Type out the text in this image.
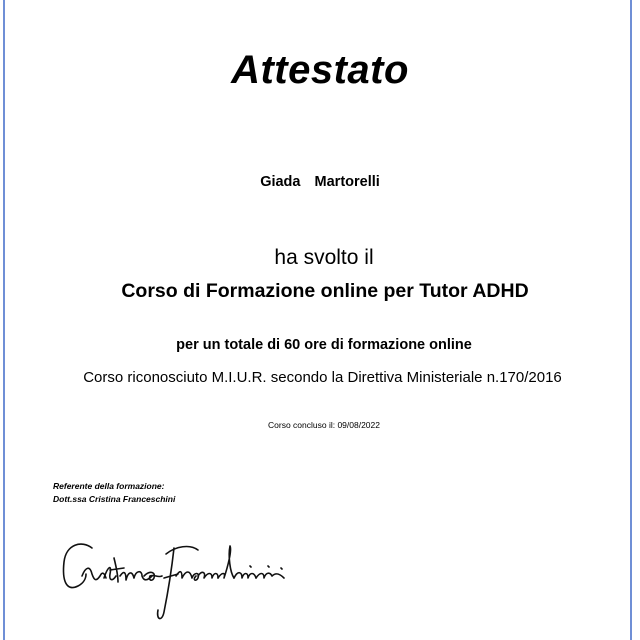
Attestato
Giada  Martorelli
ha svolto il
Corso di Formazione online per Tutor ADHD
per un totale di 60 ore di formazione online
Corso riconosciuto M.I.U.R. secondo la Direttiva Ministeriale n.170/2016
Corso concluso il: 09/08/2022
Referente della formazione:
Dott.ssa Cristina Franceschini
